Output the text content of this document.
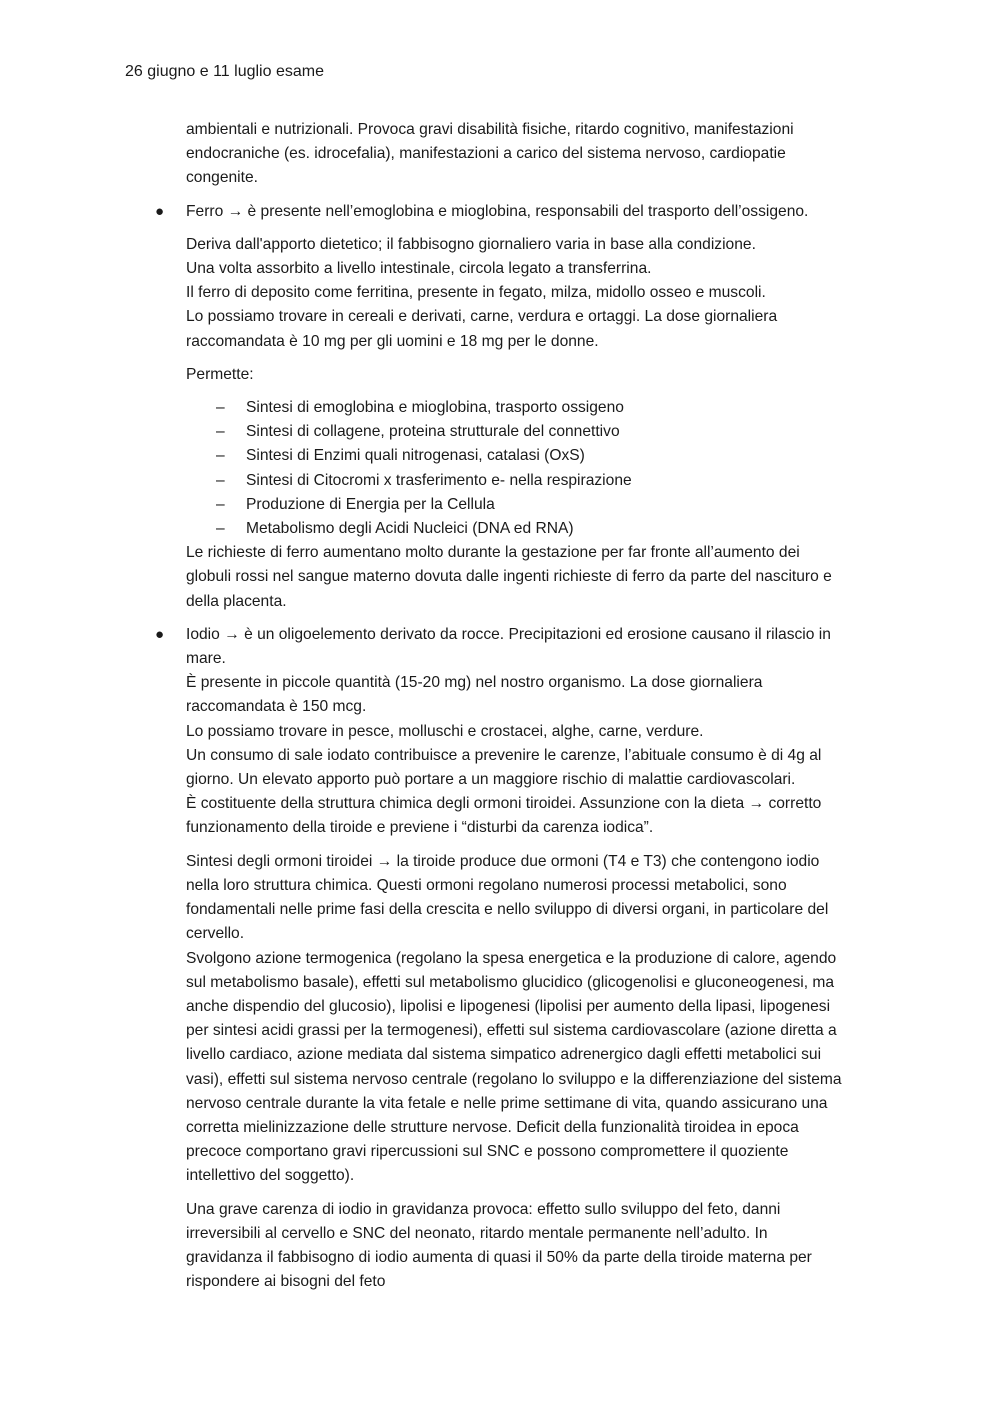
26 giugno e 11 luglio esame

ambientali e nutrizionali. Provoca gravi disabilità fisiche, ritardo cognitivo, manifestazioni
endocraniche (es. idrocefalia), manifestazioni a carico del sistema nervoso, cardiopatie
congenite.

● Ferro → è presente nell’emoglobina e mioglobina, responsabili del trasporto dell’ossigeno.

Deriva dall'apporto dietetico; il fabbisogno giornaliero varia in base alla condizione.
Una volta assorbito a livello intestinale, circola legato a transferrina.
Il ferro di deposito come ferritina, presente in fegato, milza, midollo osseo e muscoli.
Lo possiamo trovare in cereali e derivati, carne, verdura e ortaggi. La dose giornaliera
raccomandata è 10 mg per gli uomini e 18 mg per le donne.

Permette:

– Sintesi di emoglobina e mioglobina, trasporto ossigeno
– Sintesi di collagene, proteina strutturale del connettivo
– Sintesi di Enzimi quali nitrogenasi, catalasi (OxS)
– Sintesi di Citocromi x trasferimento e- nella respirazione
– Produzione di Energia per la Cellula
– Metabolismo degli Acidi Nucleici (DNA ed RNA)

Le richieste di ferro aumentano molto durante la gestazione per far fronte all’aumento dei
globuli rossi nel sangue materno dovuta dalle ingenti richieste di ferro da parte del nascituro e
della placenta.

● Iodio → è un oligoelemento derivato da rocce. Precipitazioni ed erosione causano il rilascio in
mare.

È presente in piccole quantità (15-20 mg) nel nostro organismo. La dose giornaliera
raccomandata è 150 mcg.
Lo possiamo trovare in pesce, molluschi e crostacei, alghe, carne, verdure.
Un consumo di sale iodato contribuisce a prevenire le carenze, l’abituale consumo è di 4g al
giorno. Un elevato apporto può portare a un maggiore rischio di malattie cardiovascolari.
È costituente della struttura chimica degli ormoni tiroidei. Assunzione con la dieta → corretto
funzionamento della tiroide e previene i “disturbi da carenza iodica”.

Sintesi degli ormoni tiroidei → la tiroide produce due ormoni (T4 e T3) che contengono iodio
nella loro struttura chimica. Questi ormoni regolano numerosi processi metabolici, sono
fondamentali nelle prime fasi della crescita e nello sviluppo di diversi organi, in particolare del
cervello.
Svolgono azione termogenica (regolano la spesa energetica e la produzione di calore, agendo
sul metabolismo basale), effetti sul metabolismo glucidico (glicogenolisi e gluconeogenesi, ma
anche dispendio del glucosio), lipolisi e lipogenesi (lipolisi per aumento della lipasi, lipogenesi
per sintesi acidi grassi per la termogenesi), effetti sul sistema cardiovascolare (azione diretta a
livello cardiaco, azione mediata dal sistema simpatico adrenergico dagli effetti metabolici sui
vasi), effetti sul sistema nervoso centrale (regolano lo sviluppo e la differenziazione del sistema
nervoso centrale durante la vita fetale e nelle prime settimane di vita, quando assicurano una
corretta mielinizzazione delle strutture nervose. Deficit della funzionalità tiroidea in epoca
precoce comportano gravi ripercussioni sul SNC e possono compromettere il quoziente
intellettivo del soggetto).

Una grave carenza di iodio in gravidanza provoca: effetto sullo sviluppo del feto, danni
irreversibili al cervello e SNC del neonato, ritardo mentale permanente nell’adulto. In
gravidanza il fabbisogno di iodio aumenta di quasi il 50% da parte della tiroide materna per
rispondere ai bisogni del feto
